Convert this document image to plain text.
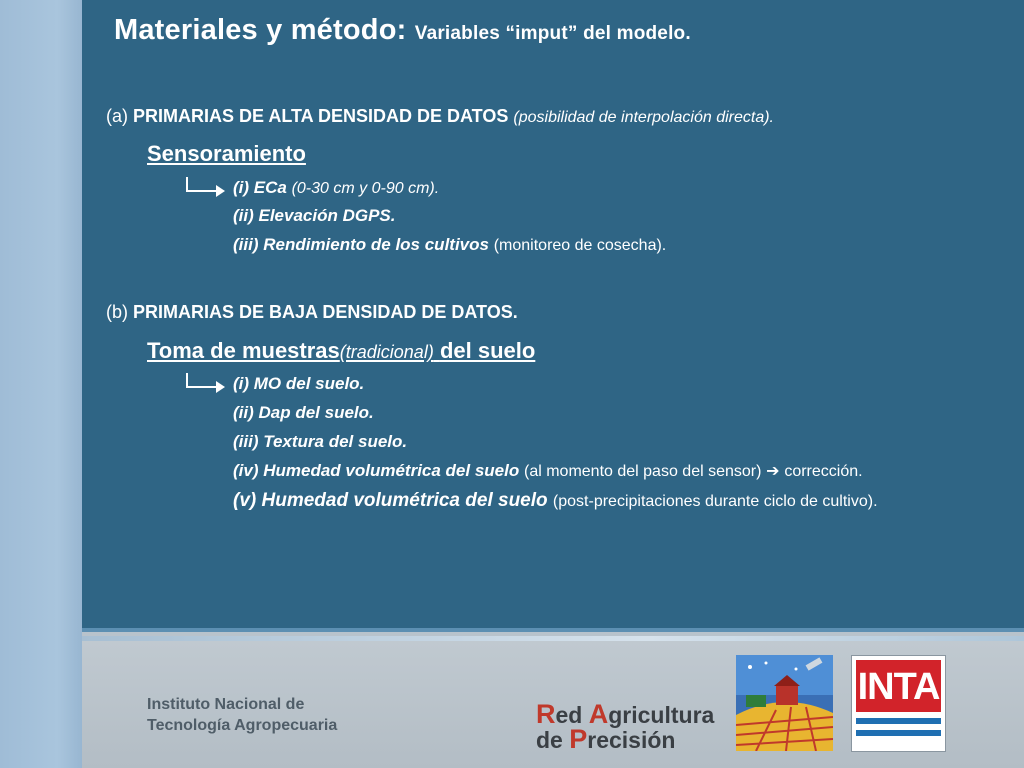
Materiales y método: Variables “imput” del modelo.
(a) PRIMARIAS DE ALTA DENSIDAD DE DATOS (posibilidad de interpolación directa).
Sensoramiento
(i) ECa (0-30 cm y 0-90 cm).
(ii) Elevación DGPS.
(iii) Rendimiento de los cultivos (monitoreo de cosecha).
(b) PRIMARIAS DE BAJA DENSIDAD DE DATOS.
Toma de muestras(tradicional) del suelo
(i) MO del suelo.
(ii) Dap del suelo.
(iii) Textura del suelo.
(iv) Humedad volumétrica del suelo (al momento del paso del sensor) ➔ corrección.
(v) Humedad volumétrica del suelo (post-precipitaciones durante ciclo de cultivo).
Instituto Nacional de
Tecnología Agropecuaria	Red Agricultura
de Precisión
INTA
